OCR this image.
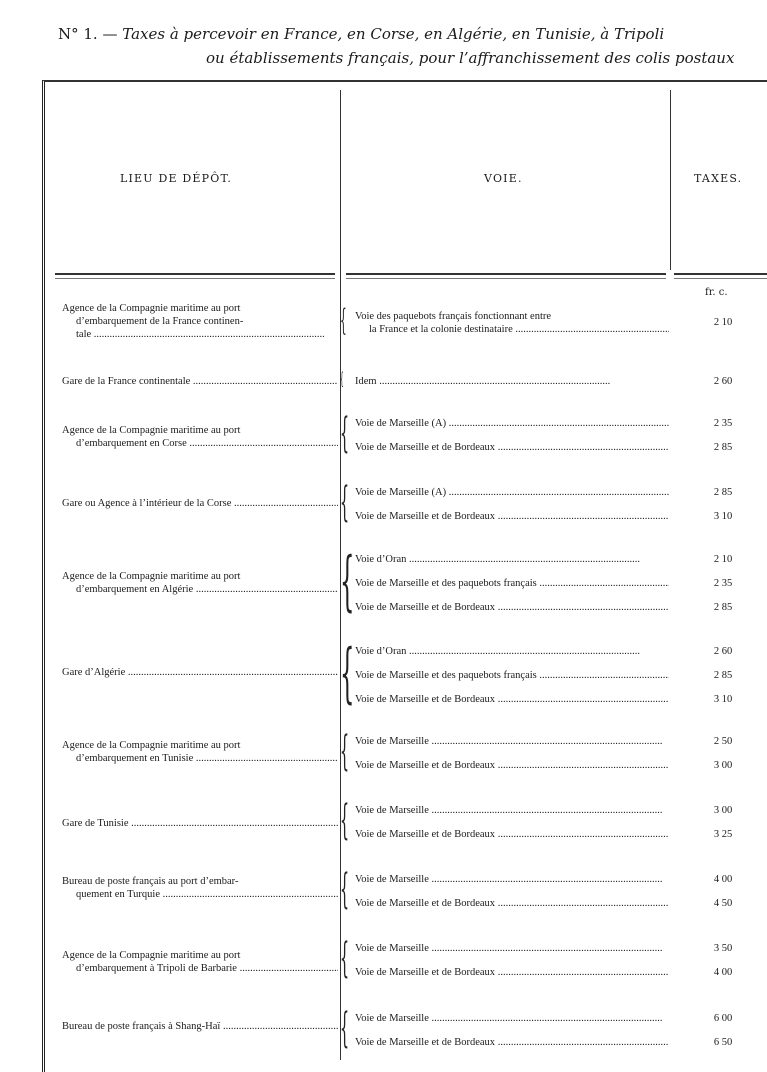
N° 1. — Taxes à percevoir en France, en Corse, en Algérie, en Tunisie, à Tripoli
ou établissements français, pour l’affranchissement des colis postaux
LIEU DE DÉPÔT.	VOIE.	TAXES.
fr. c.
Agence de la Compagnie maritime au port
d’embarquement de la France continen-
tale .....	{ Voie des paquebots français fonctionnant entre
la France et la colonie destinataire .....
2 10
Gare de la France continentale .....	{ Idem .....	2 60
Agence de la Compagnie maritime au port
d’embarquement en Corse .....	{ Voie de Marseille (A) .....	2 35
Voie de Marseille et de Bordeaux .....	2 85
Gare ou Agence à l’intérieur de la Corse .....	{ Voie de Marseille (A) .....	2 85
Voie de Marseille et de Bordeaux .....	3 10
Agence de la Compagnie maritime au port
d’embarquement en Algérie .....	{ Voie d’Oran .....	2 10
Voie de Marseille et des paquebots français .....	2 35
Voie de Marseille et de Bordeaux .....	2 85
Gare d’Algérie .....	{ Voie d’Oran .....	2 60
Voie de Marseille et des paquebots français .....	2 85
Voie de Marseille et de Bordeaux .....	3 10
Agence de la Compagnie maritime au port
d’embarquement en Tunisie .....	{ Voie de Marseille .....	2 50
Voie de Marseille et de Bordeaux .....	3 00
Gare de Tunisie .....	{ Voie de Marseille .....	3 00
Voie de Marseille et de Bordeaux .....	3 25
Bureau de poste français au port d’embar-
quement en Turquie .....	{ Voie de Marseille .....	4 00
Voie de Marseille et de Bordeaux .....	4 50
Agence de la Compagnie maritime au port
d’embarquement à Tripoli de Barbarie .....	{ Voie de Marseille .....	3 50
Voie de Marseille et de Bordeaux .....	4 00
Bureau de poste français à Shang-Haï .....	{ Voie de Marseille .....	6 00
Voie de Marseille et de Bordeaux .....	6 50
